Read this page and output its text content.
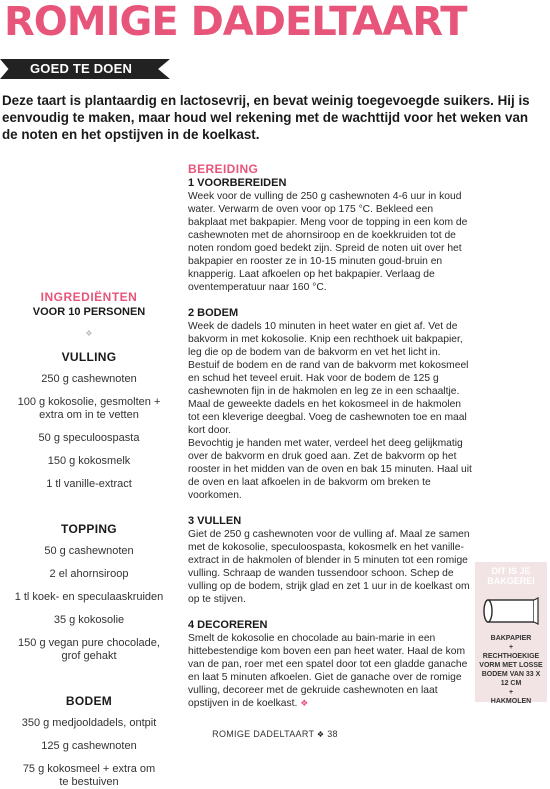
ROMIGE DADELTAART
GOED TE DOEN
Deze taart is plantaardig en lactosevrij, en bevat weinig toegevoegde suikers. Hij is eenvoudig te maken, maar houd wel rekening met de wachttijd voor het weken van de noten en het opstijven in de koelkast.
INGREDIËNTEN
VOOR 10 PERSONEN
❖
VULLING
250 g cashewnoten
100 g kokosolie, gesmolten + extra om in te vetten
50 g speculoospasta
150 g kokosmelk
1 tl vanille-extract
TOPPING
50 g cashewnoten
2 el ahornsiroop
1 tl koek- en speculaaskruiden
35 g kokosolie
150 g vegan pure chocolade, grof gehakt
BODEM
350 g medjooldadels, ontpit
125 g cashewnoten
75 g kokosmeel + extra om te bestuiven
BEREIDING
1 VOORBEREIDEN
Week voor de vulling de 250 g cashewnoten 4-6 uur in koud water. Verwarm de oven voor op 175 °C. Bekleed een bakplaat met bakpapier. Meng voor de topping in een kom de cashewnoten met de ahornsiroop en de koekkruiden tot de noten rondom goed bedekt zijn. Spreid de noten uit over het bakpapier en rooster ze in 10-15 minuten goud-bruin en knapperig. Laat afkoelen op het bakpapier. Verlaag de oventemperatuur naar 160 °C.
2 BODEM
Week de dadels 10 minuten in heet water en giet af. Vet de bakvorm in met kokosolie. Knip een rechthoek uit bakpapier, leg die op de bodem van de bakvorm en vet het licht in. Bestuif de bodem en de rand van de bakvorm met kokosmeel en schud het teveel eruit. Hak voor de bodem de 125 g cashewnoten fijn in de hakmolen en leg ze in een schaaltje. Maal de geweekte dadels en het kokosmeel in de hakmolen tot een kleverige deegbal. Voeg de cashewnoten toe en maal kort door.
Bevochtig je handen met water, verdeel het deeg gelijkmatig over de bakvorm en druk goed aan. Zet de bakvorm op het rooster in het midden van de oven en bak 15 minuten. Haal uit de oven en laat afkoelen in de bakvorm om breken te voorkomen.
3 VULLEN
Giet de 250 g cashewnoten voor de vulling af. Maal ze samen met de kokosolie, speculoospasta, kokosmelk en het vanille-extract in de hakmolen of blender in 5 minuten tot een romige vulling. Schraap de wanden tussendoor schoon. Schep de vulling op de bodem, strijk glad en zet 1 uur in de koelkast om op te stijven.
4 DECOREREN
Smelt de kokosolie en chocolade au bain-marie in een hittebestendige kom boven een pan heet water. Haal de kom van de pan, roer met een spatel door tot een gladde ganache en laat 5 minuten afkoelen. Giet de ganache over de romige vulling, decoreer met de gekruide cashewnoten en laat opstijven in de koelkast. ❖
DIT IS JE BAKGEREI
BAKPAPIER
+
RECHTHOEKIGE VORM MET LOSSE BODEM VAN 33 X 12 CM
+
HAKMOLEN
ROMIGE DADELTAART ❖ 38
